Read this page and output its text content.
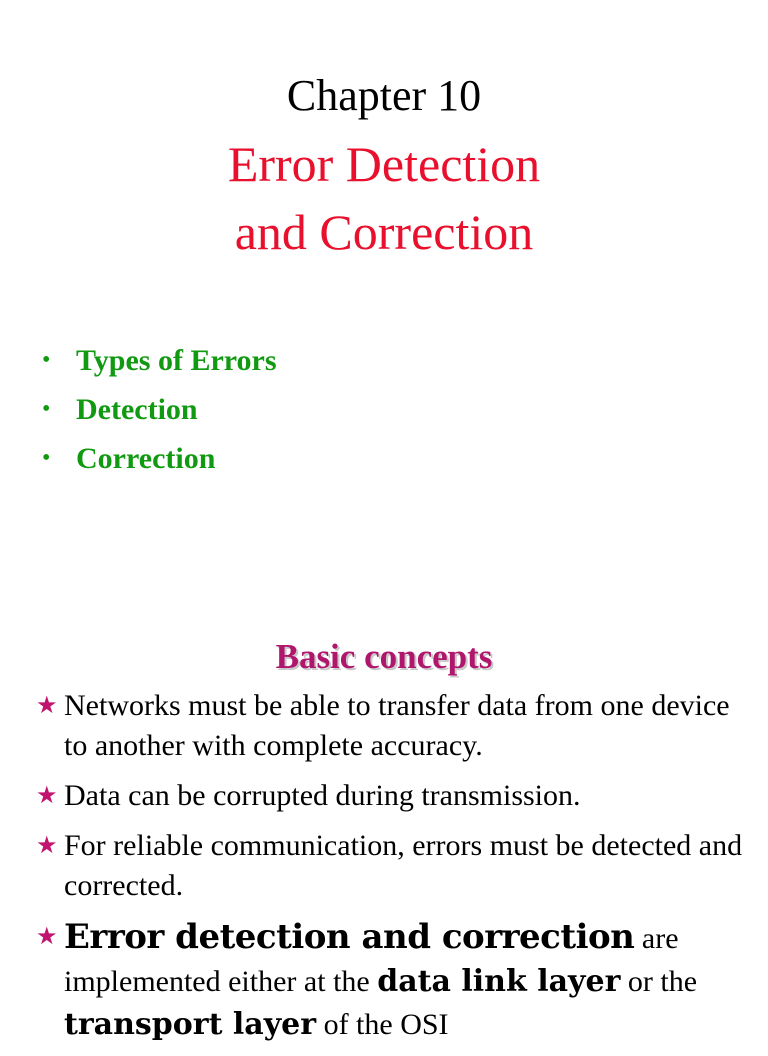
Chapter 10
Error Detection
and Correction
• Types of Errors
• Detection
• Correction
Basic concepts
★ Networks must be able to transfer data from one device to another with complete accuracy.
★ Data can be corrupted during transmission.
★ For reliable communication, errors must be detected and corrected.
★ Error detection and correction are implemented either at the data link layer or the transport layer of the OSI
